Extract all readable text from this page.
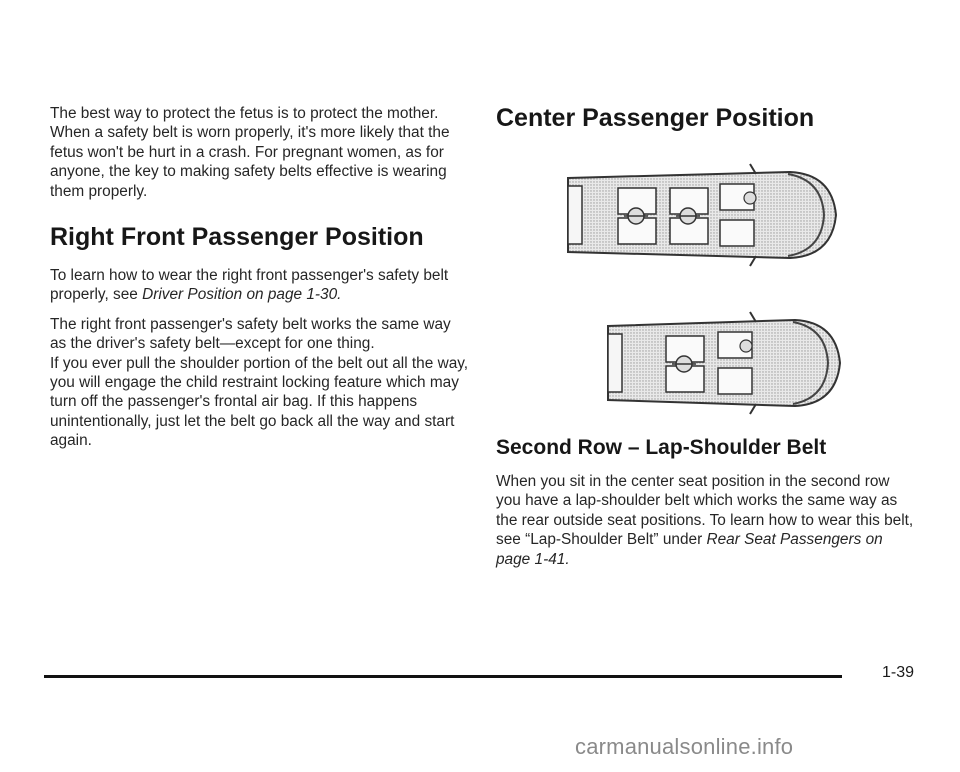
The best way to protect the fetus is to protect the mother. When a safety belt is worn properly, it's more likely that the fetus won't be hurt in a crash. For pregnant women, as for anyone, the key to making safety belts effective is wearing them properly.

Right Front Passenger Position

To learn how to wear the right front passenger's safety belt properly, see Driver Position on page 1-30.

The right front passenger's safety belt works the same way as the driver's safety belt—except for one thing.

If you ever pull the shoulder portion of the belt out all the way, you will engage the child restraint locking feature which may turn off the passenger's frontal air bag. If this happens unintentionally, just let the belt go back all the way and start again.

Center Passenger Position
Second Row – Lap-Shoulder Belt

When you sit in the center seat position in the second row you have a lap-shoulder belt which works the same way as the rear outside seat positions. To learn how to wear this belt, see “Lap-Shoulder Belt” under Rear Seat Passengers on page 1-41.

1-39
carmanualsonline.info
